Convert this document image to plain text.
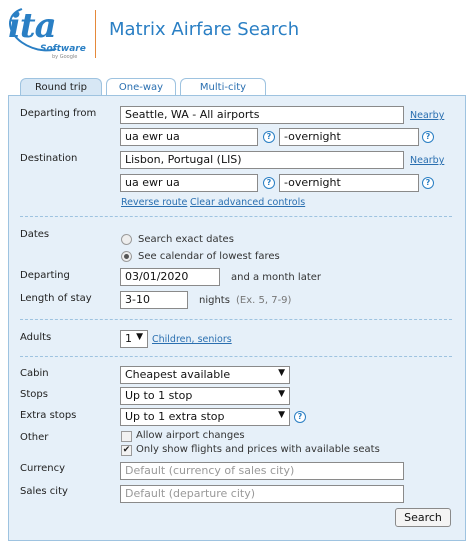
ita
Software
by Google
Matrix Airfare Search
Round trip	One-way	Multi-city
Departing from	Seattle, WA - All airports	Nearby
ua ewr ua	?	-overnight	?
Destination	Lisbon, Portugal (LIS)	Nearby
ua ewr ua	?	-overnight	?
Reverse route Clear advanced controls
Dates	Search exact dates
See calendar of lowest fares
Departing	03/01/2020	and a month later
Length of stay	3-10	nights (Ex. 5, 7-9)
Adults	1 ▼ Children, seniors
Cabin	Cheapest available	▼
Stops	Up to 1 stop	▼
Extra stops	Up to 1 extra stop	▼	?
Other	Allow airport changes
✔ Only show flights and prices with available seats
Currency	Default (currency of sales city)
Sales city	Default (departure city)
Search
